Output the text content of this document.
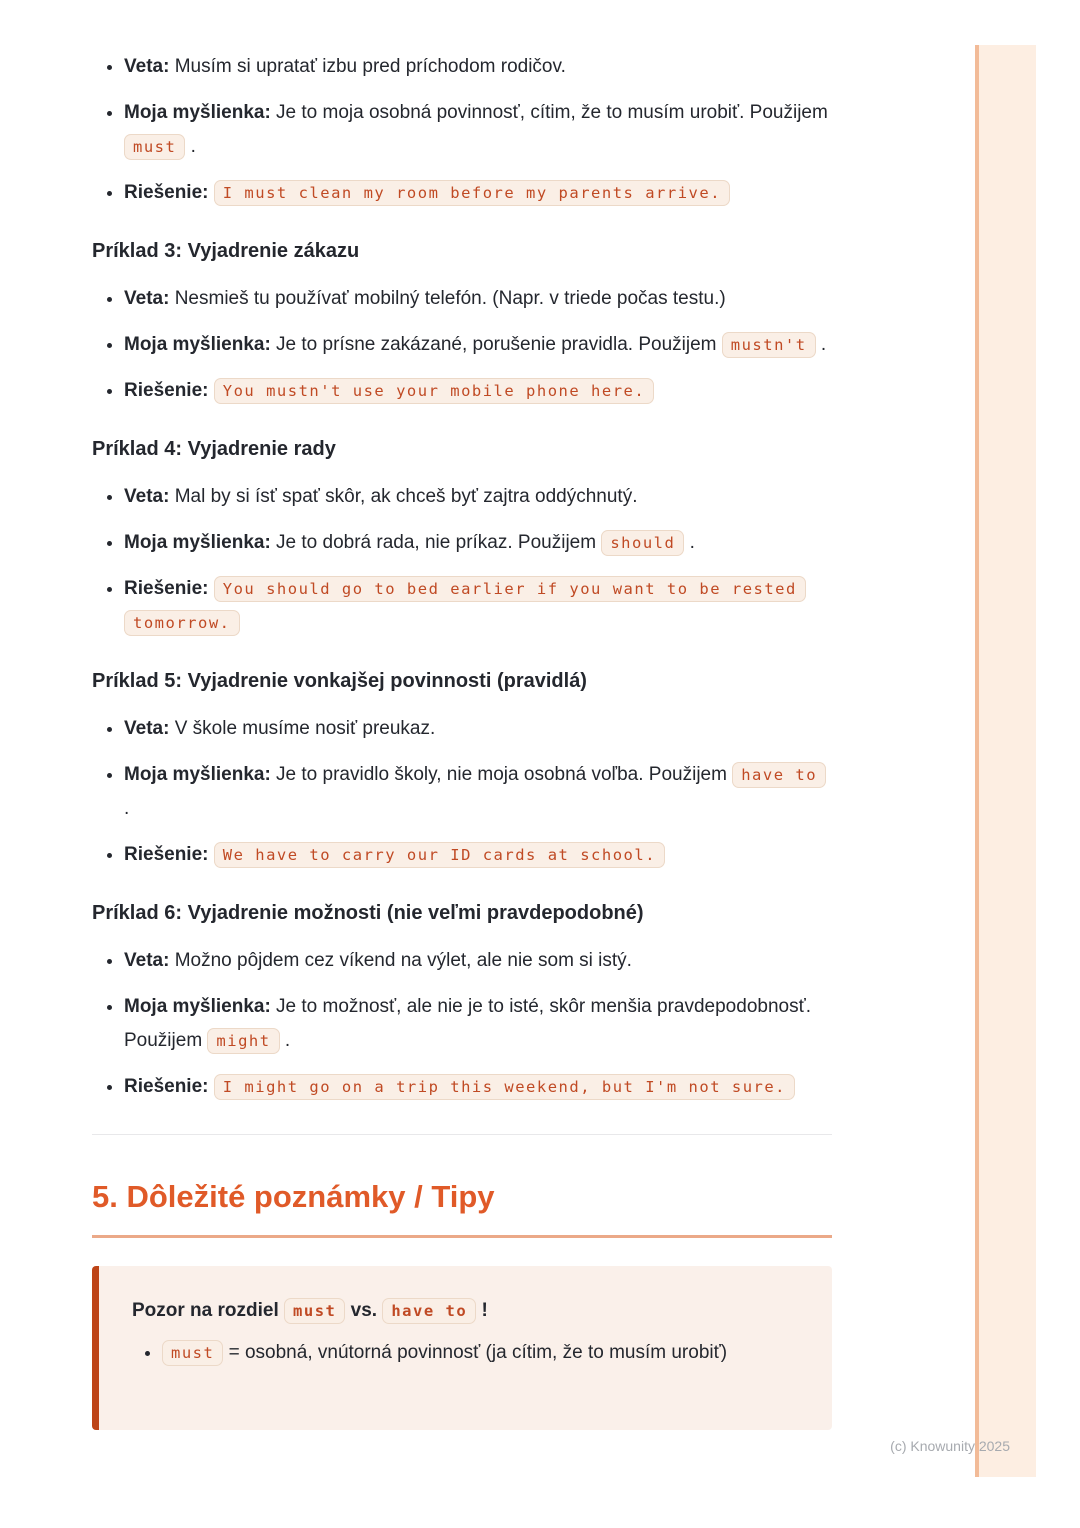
• Veta: Musím si upratať izbu pred príchodom rodičov.
• Moja myšlienka: Je to moja osobná povinnosť, cítim, že to musím urobiť. Použijem must .
• Riešenie: I must clean my room before my parents arrive.
Príklad 3: Vyjadrenie zákazu
• Veta: Nesmieš tu používať mobilný telefón. (Napr. v triede počas testu.)
• Moja myšlienka: Je to prísne zakázané, porušenie pravidla. Použijem mustn't .
• Riešenie: You mustn't use your mobile phone here.
Príklad 4: Vyjadrenie rady
• Veta: Mal by si ísť spať skôr, ak chceš byť zajtra oddýchnutý.
• Moja myšlienka: Je to dobrá rada, nie príkaz. Použijem should .
• Riešenie: You should go to bed earlier if you want to be rested tomorrow.
Príklad 5: Vyjadrenie vonkajšej povinnosti (pravidlá)
• Veta: V škole musíme nosiť preukaz.
• Moja myšlienka: Je to pravidlo školy, nie moja osobná voľba. Použijem have to .
• Riešenie: We have to carry our ID cards at school.
Príklad 6: Vyjadrenie možnosti (nie veľmi pravdepodobné)
• Veta: Možno pôjdem cez víkend na výlet, ale nie som si istý.
• Moja myšlienka: Je to možnosť, ale nie je to isté, skôr menšia pravdepodobnosť. Použijem might .
• Riešenie: I might go on a trip this weekend, but I'm not sure.
5. Dôležité poznámky / Tipy
Pozor na rozdiel must vs. have to !
• must = osobná, vnútorná povinnosť (ja cítim, že to musím urobiť)
(c) Knowunity 2025
